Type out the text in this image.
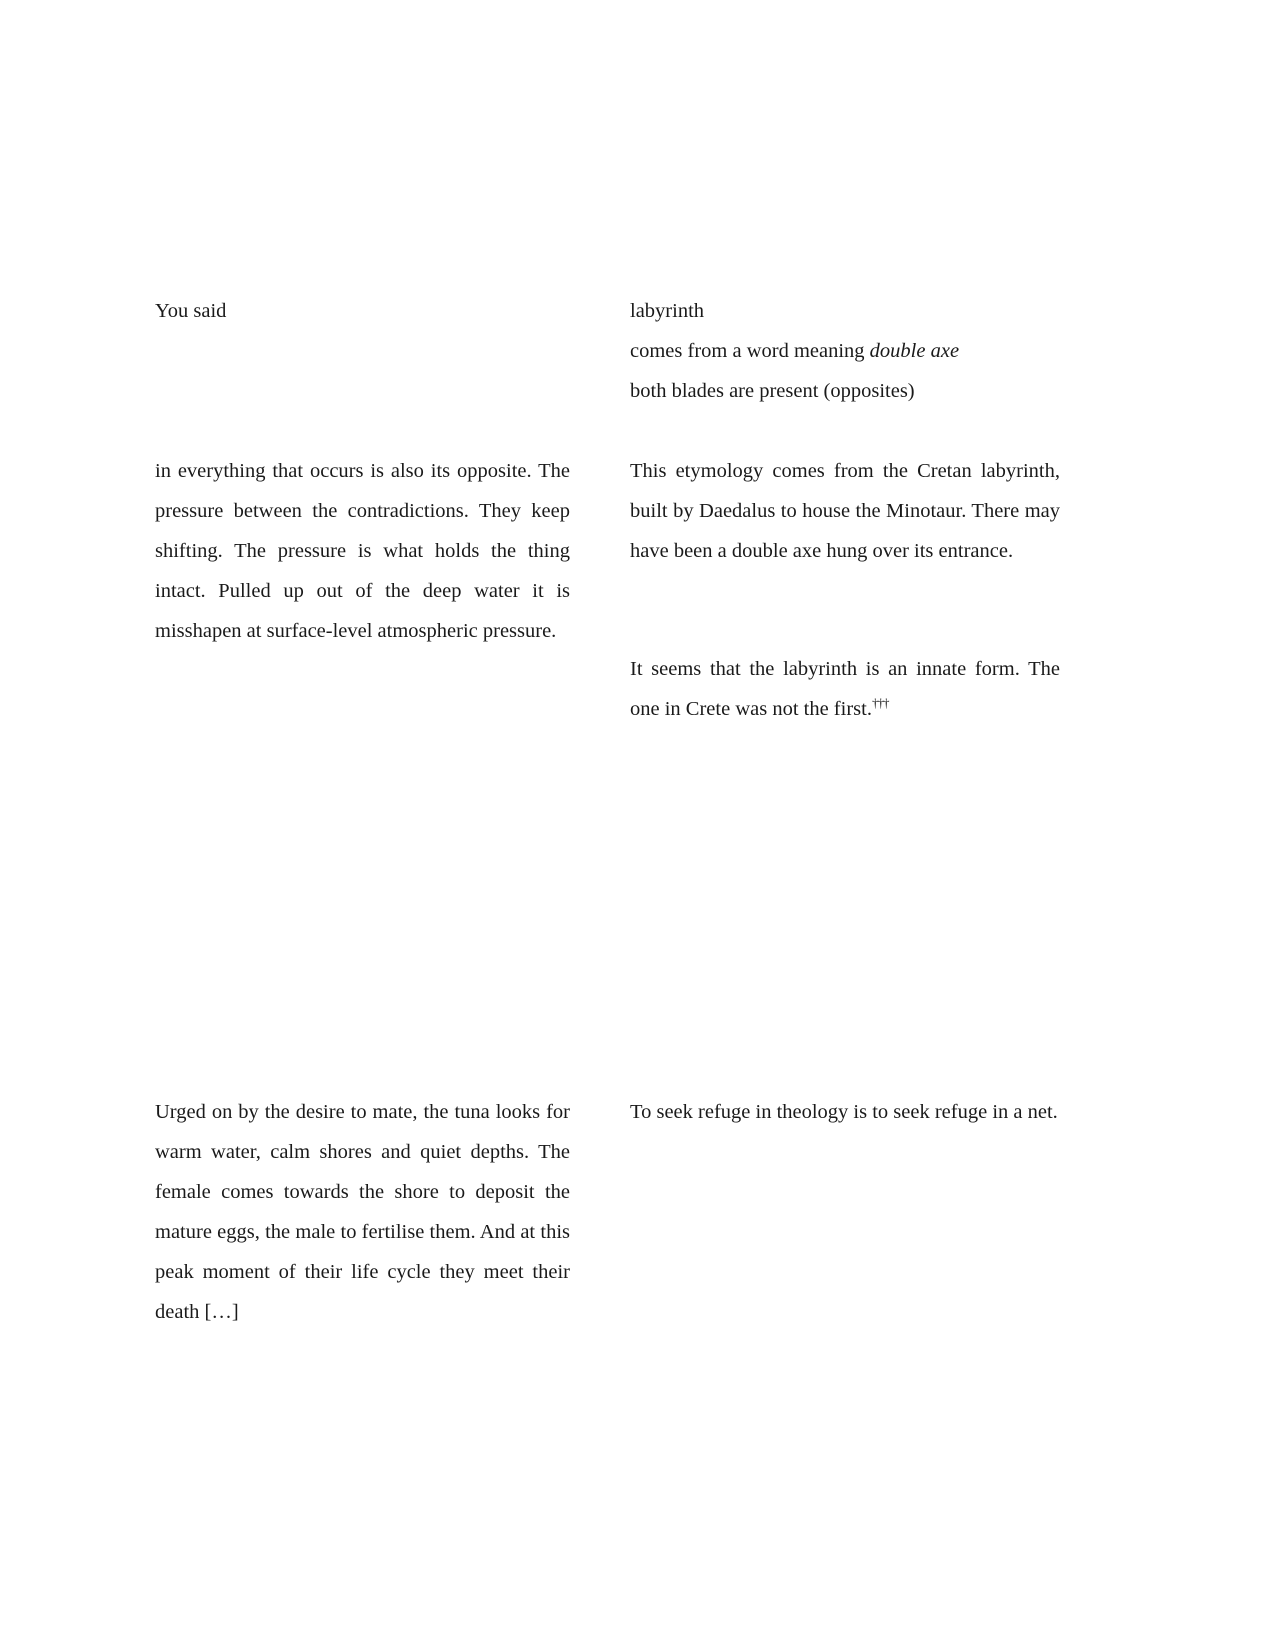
You said	labyrinth
comes from a word meaning double axe
both blades are present (opposites)
in everything that occurs is also its opposite. The pressure between the contradictions. They keep shifting. The pressure is what holds the thing intact. Pulled up out of the deep water it is misshapen at surface-level atmospheric pressure.
This etymology comes from the Cretan labyrinth, built by Daedalus to house the Minotaur. There may have been a double axe hung over its entrance.
It seems that the labyrinth is an innate form. The one in Crete was not the first.†††
Urged on by the desire to mate, the tuna looks for warm water, calm shores and quiet depths. The female comes towards the shore to deposit the mature eggs, the male to fertilise them. And at this peak moment of their life cycle they meet their death […]
To seek refuge in theology is to seek refuge in a net.
